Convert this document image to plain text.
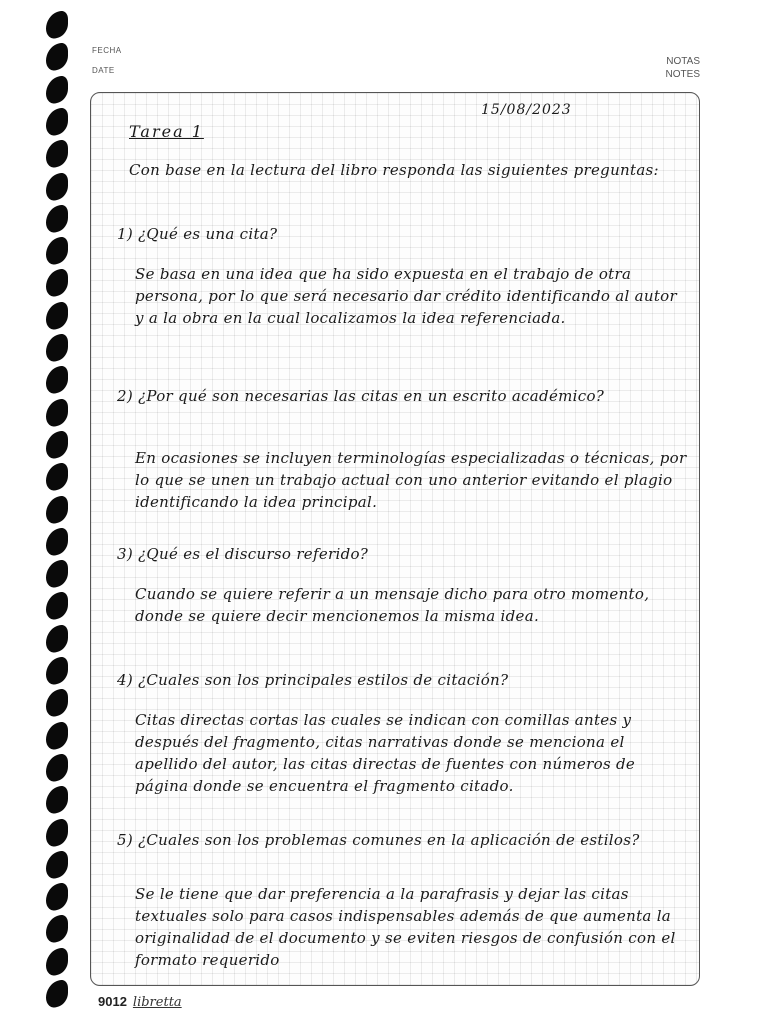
FECHA
DATE
NOTAS
NOTES
15/08/2023
Tarea 1
Con base en la lectura del libro responda las siguientes preguntas:
1) ¿Qué es una cita?
Se basa en una idea que ha sido expuesta en el trabajo de otra persona, por lo que será necesario dar crédito identificando al autor y a la obra en la cual localizamos la idea referenciada.
2) ¿Por qué son necesarias las citas en un escrito académico?
En ocasiones se incluyen terminologías especializadas o técnicas, por lo que se unen un trabajo actual con uno anterior evitando el plagio identificando la idea principal.
3) ¿Qué es el discurso referido?
Cuando se quiere referir a un mensaje dicho para otro momento, donde se quiere decir mencionemos la misma idea.
4) ¿Cuales son los principales estilos de citación?
Citas directas cortas las cuales se indican con comillas antes y después del fragmento, citas narrativas donde se menciona el apellido del autor, las citas directas de fuentes con números de página donde se encuentra el fragmento citado.
5) ¿Cuales son los problemas comunes en la aplicación de estilos?
Se le tiene que dar preferencia a la parafrasis y dejar las citas textuales solo para casos indispensables además de que aumenta la originalidad de el documento y se eviten riesgos de confusión con el formato requerido
9012 libretta
